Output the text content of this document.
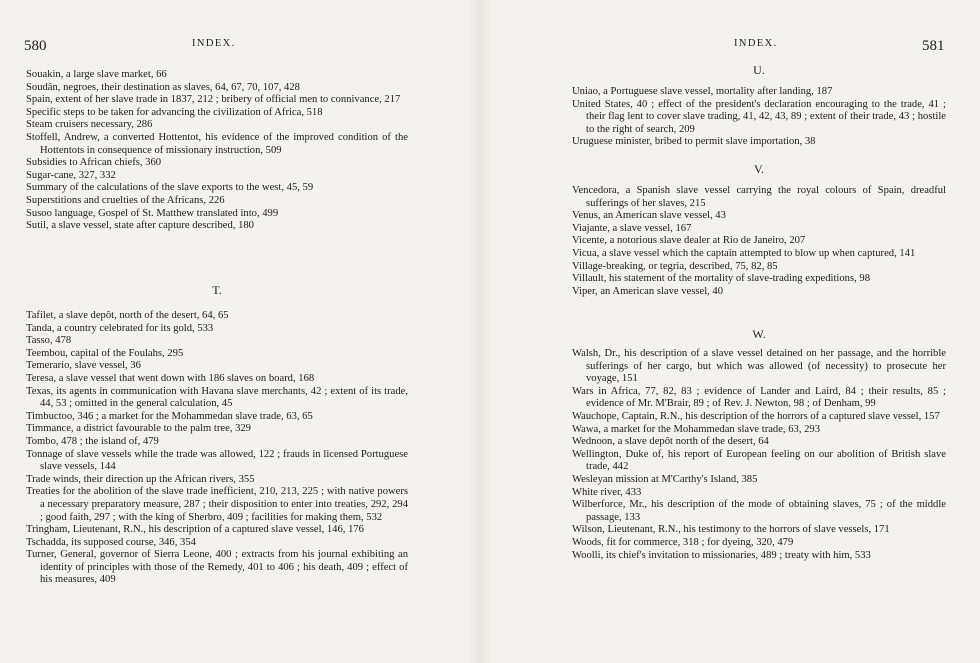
580	INDEX.

Souakin, a large slave market, 66

Soudân, negroes, their destination as slaves, 64, 67, 70, 107, 428

Spain, extent of her slave trade in 1837, 212 ; bribery of official men to connivance, 217

Specific steps to be taken for advancing the civilization of Africa, 518

Steam cruisers necessary, 286

Stoffell, Andrew, a converted Hottentot, his evidence of the improved condition of the Hottentots in consequence of missionary instruction, 509

Subsidies to African chiefs, 360

Sugar-cane, 327, 332

Summary of the calculations of the slave exports to the west, 45, 59

Superstitions and cruelties of the Africans, 226

Susoo language, Gospel of St. Matthew translated into, 499

Sutil, a slave vessel, state after capture described, 180

T.

Tafilet, a slave depôt, north of the desert, 64, 65

Tanda, a country celebrated for its gold, 533

Tasso, 478

Teembou, capital of the Foulahs, 295

Temerario, slave vessel, 36

Teresa, a slave vessel that went down with 186 slaves on board, 168

Texas, its agents in communication with Havana slave merchants, 42 ; extent of its trade, 44, 53 ; omitted in the general calculation, 45

Timbuctoo, 346 ; a market for the Mohammedan slave trade, 63, 65

Timmance, a district favourable to the palm tree, 329

Tombo, 478 ; the island of, 479

Tonnage of slave vessels while the trade was allowed, 122 ; frauds in licensed Portuguese slave vessels, 144

Trade winds, their direction up the African rivers, 355

Treaties for the abolition of the slave trade inefficient, 210, 213, 225 ; with native powers a necessary preparatory measure, 287 ; their disposition to enter into treaties, 292, 294 ; good faith, 297 ; with the king of Sherbro, 409 ; facilities for making them, 532

Tringham, Lieutenant, R.N., his description of a captured slave vessel, 146, 176

Tschadda, its supposed course, 346, 354

Turner, General, governor of Sierra Leone, 400 ; extracts from his journal exhibiting an identity of principles with those of the Remedy, 401 to 406 ; his death, 409 ; effect of his measures, 409

INDEX.	581

U.

Uniao, a Portuguese slave vessel, mortality after landing, 187

United States, 40 ; effect of the president's declaration encouraging to the trade, 41 ; their flag lent to cover slave trading, 41, 42, 43, 89 ; extent of their trade, 43 ; hostile to the right of search, 209

Uruguese minister, bribed to permit slave importation, 38

V.

Vencedora, a Spanish slave vessel carrying the royal colours of Spain, dreadful sufferings of her slaves, 215

Venus, an American slave vessel, 43

Viajante, a slave vessel, 167

Vicente, a notorious slave dealer at Rio de Janeiro, 207

Vicua, a slave vessel which the captain attempted to blow up when captured, 141

Village-breaking, or tegria, described, 75, 82, 85

Villault, his statement of the mortality of slave-trading expeditions, 98

Viper, an American slave vessel, 40

W.

Walsh, Dr., his description of a slave vessel detained on her passage, and the horrible sufferings of her cargo, but which was allowed (of necessity) to prosecute her voyage, 151

Wars in Africa, 77, 82, 83 ; evidence of Lander and Laird, 84 ; their results, 85 ; evidence of Mr. M'Brair, 89 ; of Rev. J. Newton, 98 ; of Denham, 99

Wauchope, Captain, R.N., his description of the horrors of a captured slave vessel, 157

Wawa, a market for the Mohammedan slave trade, 63, 293

Wednoon, a slave depôt north of the desert, 64

Wellington, Duke of, his report of European feeling on our abolition of British slave trade, 442

Wesleyan mission at M'Carthy's Island, 385

White river, 433

Wilberforce, Mr., his description of the mode of obtaining slaves, 75 ; of the middle passage, 133

Wilson, Lieutenant, R.N., his testimony to the horrors of slave vessels, 171

Woods, fit for commerce, 318 ; for dyeing, 320, 479

Woolli, its chief's invitation to missionaries, 489 ; treaty with him, 533
